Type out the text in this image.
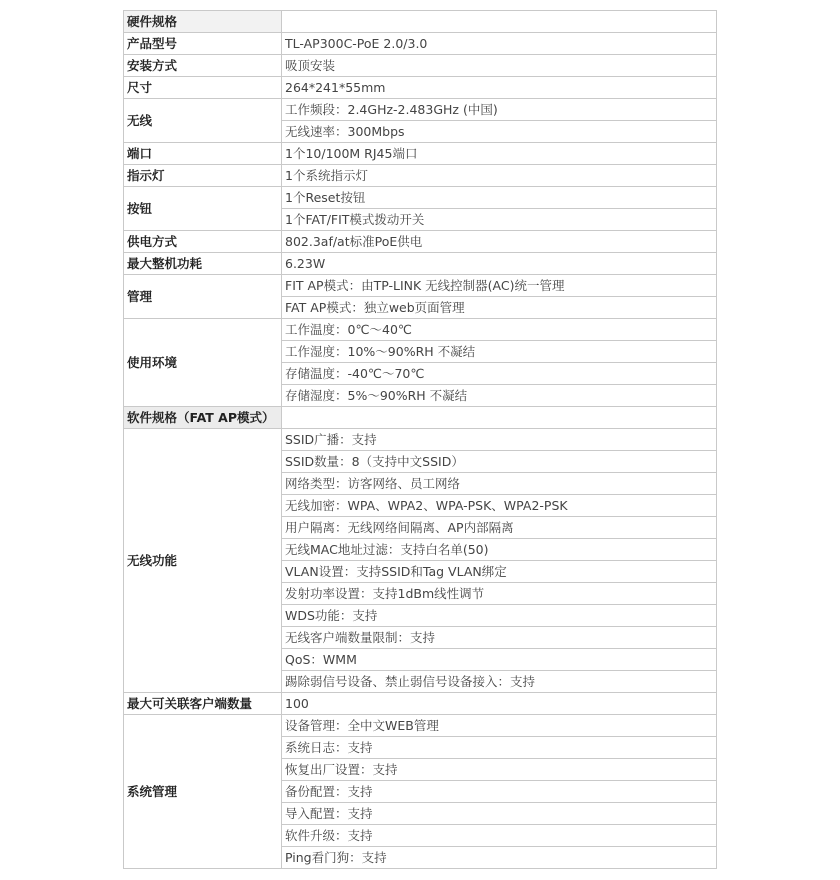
硬件规格	
产品型号	TL-AP300C-PoE 2.0/3.0
安装方式	吸顶安装
尺寸	264*241*55mm
无线	工作频段：2.4GHz-2.483GHz (中国)
	无线速率：300Mbps
端口	1个10/100M RJ45端口
指示灯	1个系统指示灯
按钮	1个Reset按钮
	1个FAT/FIT模式拨动开关
供电方式	802.3af/at标准PoE供电
最大整机功耗	6.23W
管理	FIT AP模式：由TP-LINK 无线控制器(AC)统一管理
	FAT AP模式：独立web页面管理
使用环境	工作温度：0℃～40℃
	工作湿度：10%～90%RH 不凝结
	存储温度：-40℃～70℃
	存储湿度：5%～90%RH 不凝结
软件规格（FAT AP模式）	
无线功能	SSID广播：支持
	SSID数量：8（支持中文SSID）
	网络类型：访客网络、员工网络
	无线加密：WPA、WPA2、WPA-PSK、WPA2-PSK
	用户隔离：无线网络间隔离、AP内部隔离
	无线MAC地址过滤：支持白名单(50)
	VLAN设置：支持SSID和Tag VLAN绑定
	发射功率设置：支持1dBm线性调节
	WDS功能：支持
	无线客户端数量限制：支持
	QoS：WMM
	踢除弱信号设备、禁止弱信号设备接入：支持
最大可关联客户端数量	100
系统管理	设备管理：全中文WEB管理
	系统日志：支持
	恢复出厂设置：支持
	备份配置：支持
	导入配置：支持
	软件升级：支持
	Ping看门狗：支持
